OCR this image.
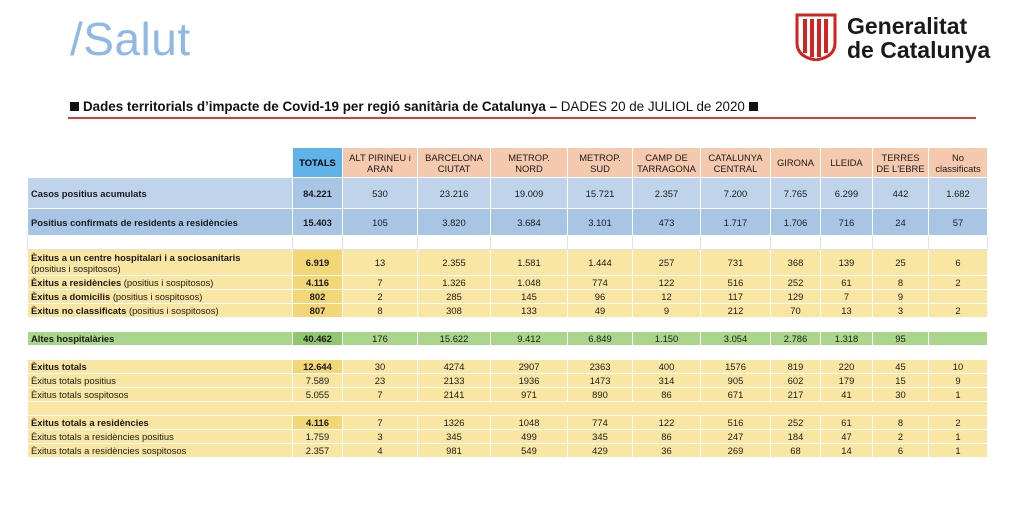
/Salut	Generalitat
de Catalunya
Dades territorials d’impacte de Covid-19 per regió sanitària de Catalunya – DADES 20 de JULIOL de 2020
	TOTALS	ALT PIRINEU i ARAN	BARCELONA CIUTAT	METROP. NORD	METROP. SUD	CAMP DE TARRAGONA	CATALUNYA CENTRAL	GIRONA	LLEIDA	TERRES DE L'EBRE	No classificats
Casos positius acumulats	84.221	530	23.216	19.009	15.721	2.357	7.200	7.765	6.299	442	1.682
Positius confirmats de residents a residències	15.403	105	3.820	3.684	3.101	473	1.717	1.706	716	24	57

Èxitus a un centre hospitalari i a sociosanitaris
(positius i sospitosos)	6.919	13	2.355	1.581	1.444	257	731	368	139	25	6
Èxitus a residències (positius i sospitosos)	4.116	7	1.326	1.048	774	122	516	252	61	8	2
Èxitus a domicilis (positius i sospitosos)	802	2	285	145	96	12	117	129	7	9	
Èxitus no classificats (positius i sospitosos)	807	8	308	133	49	9	212	70	13	3	2

Altes hospitalàries	40.462	176	15.622	9.412	6.849	1.150	3.054	2.786	1.318	95	

Èxitus totals	12.644	30	4274	2907	2363	400	1576	819	220	45	10
Èxitus totals positius	7.589	23	2133	1936	1473	314	905	602	179	15	9
Èxitus totals sospitosos	5.055	7	2141	971	890	86	671	217	41	30	1

Èxitus totals a residències	4.116	7	1326	1048	774	122	516	252	61	8	2
Èxitus totals a residències positius	1.759	3	345	499	345	86	247	184	47	2	1
Èxitus totals a residències sospitosos	2.357	4	981	549	429	36	269	68	14	6	1
